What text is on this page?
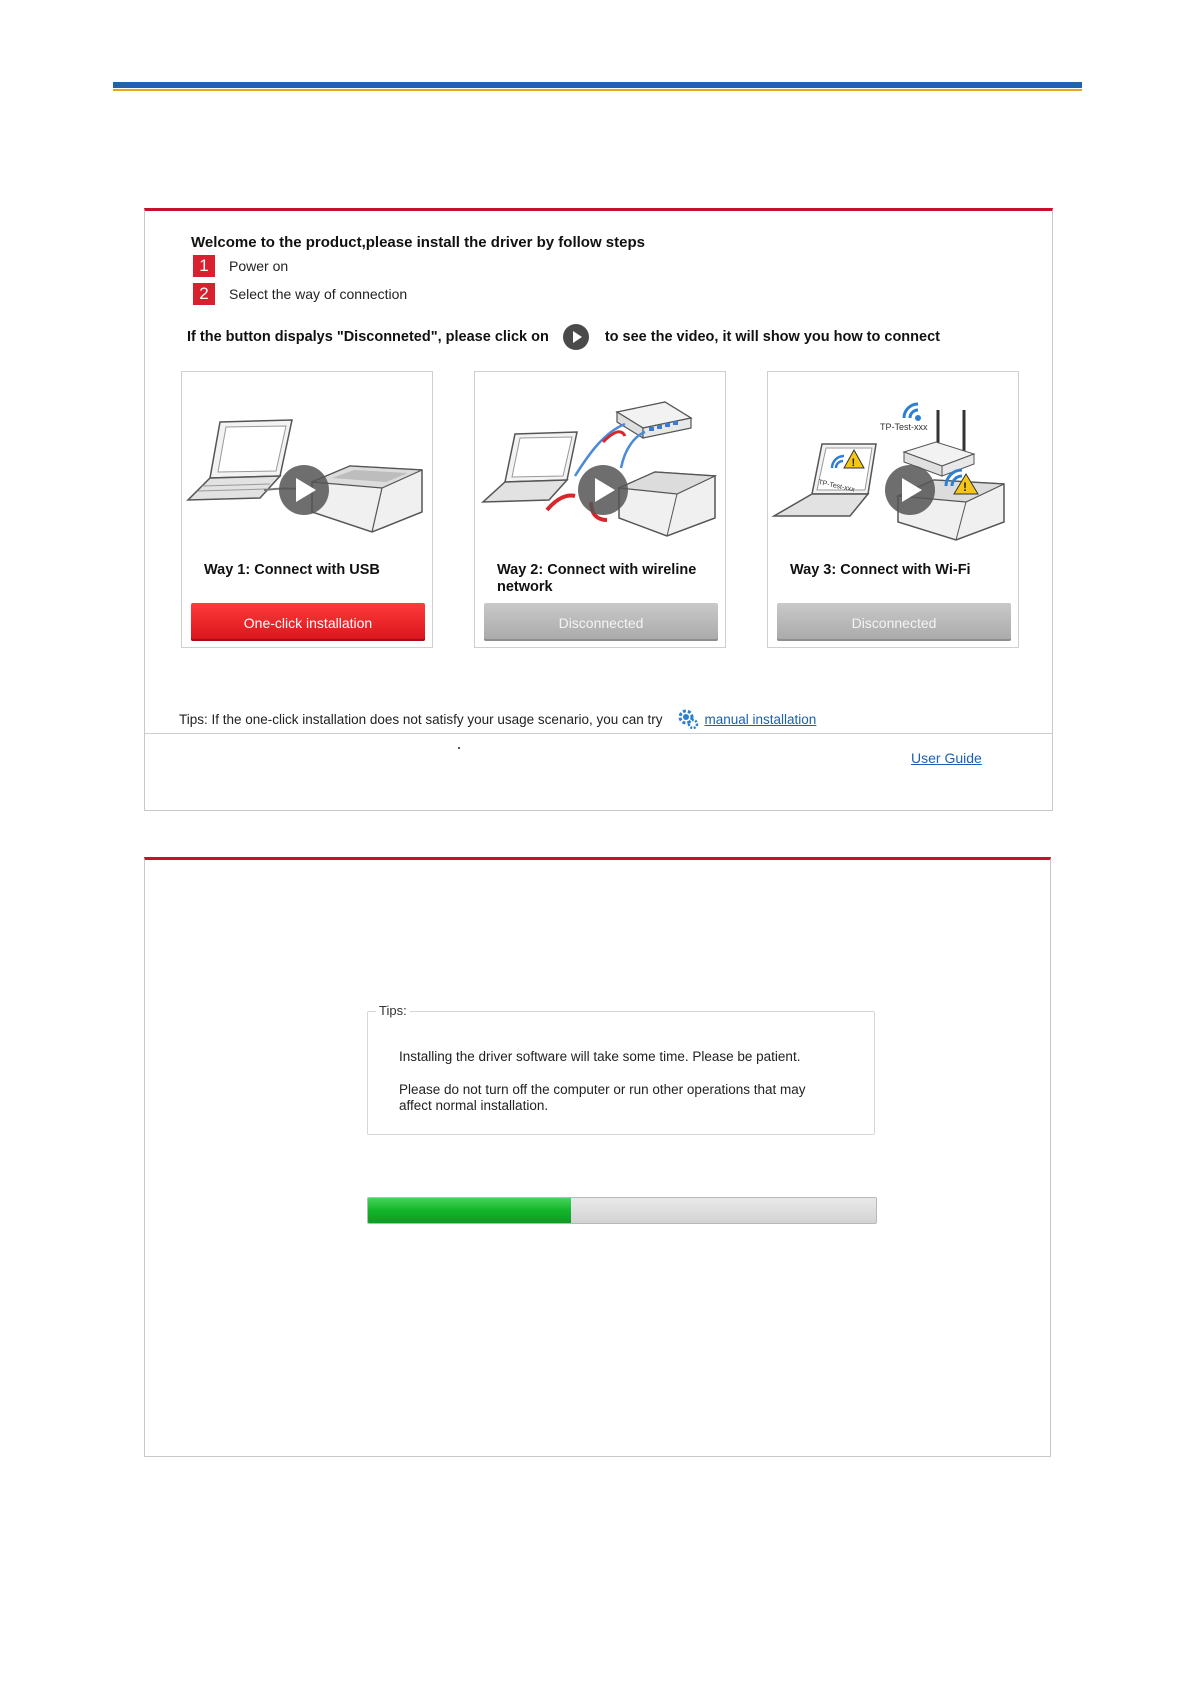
Welcome to the product,please install the driver by follow steps
1	Power on
2	Select the way of connection
If the button dispalys "Disconneted", please click on	to see the video, it will show you how to connect
Way 1: Connect with USB
One-click installation
Way 2: Connect with wireline network
Disconnected
TP-Test-xxx
TP-Test-xxx
!
!
Way 3: Connect with Wi-Fi
Disconnected
Tips: If the one-click installation does not satisfy your usage scenario, you can try	manual installation
User Guide
Tips:
Installing the driver software will take some time. Please be patient.
Please do not turn off the computer or run other operations that may affect normal installation.
